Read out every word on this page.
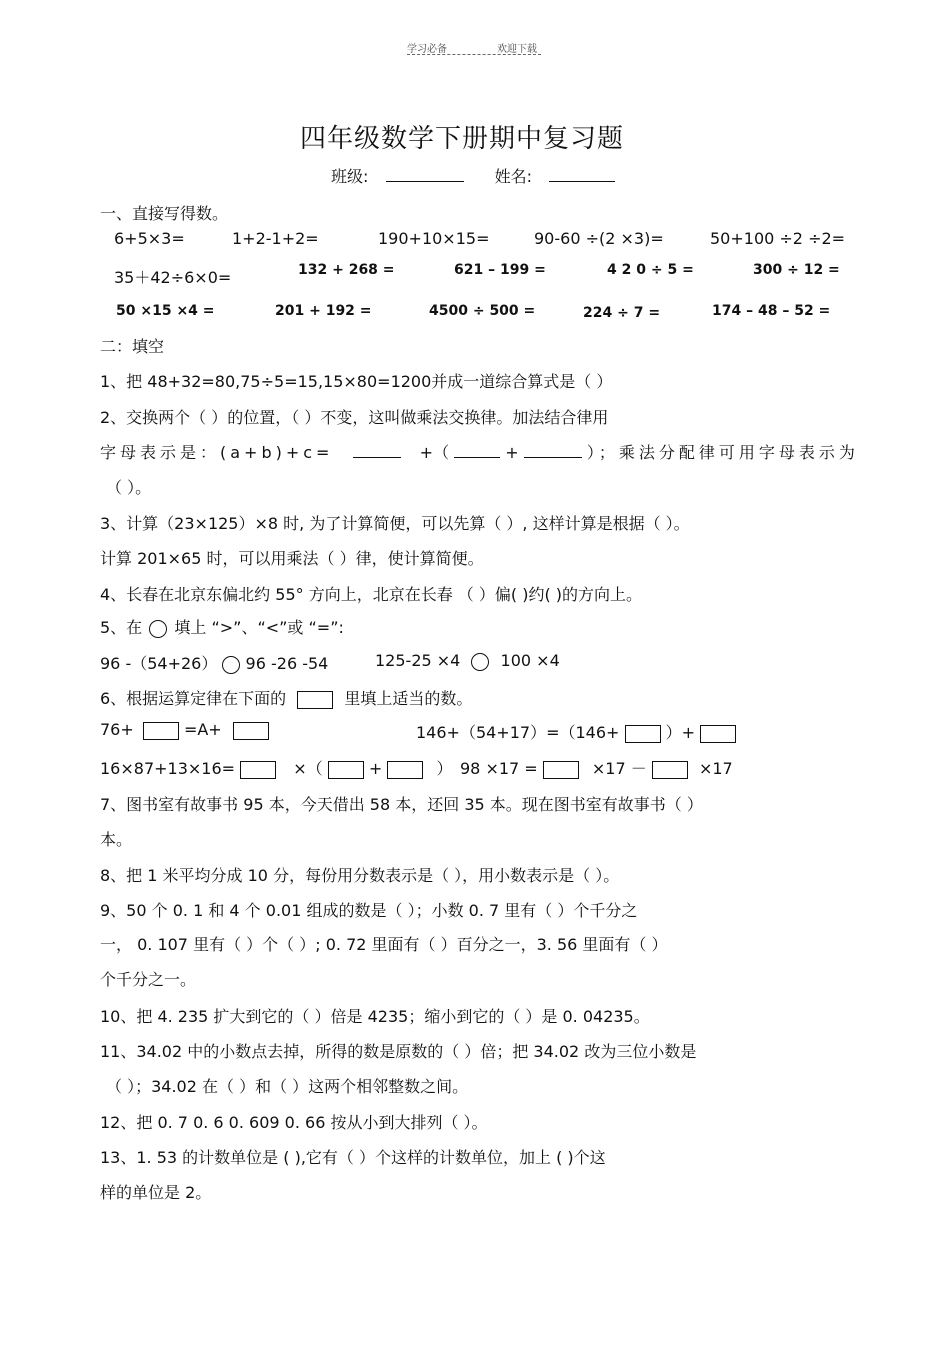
学习必备	欢迎下载
四年级数学下册期中复习题
班级:	姓名:
一、直接写得数。
6+5×3=	1+2-1+2=	190+10×15=	90-60 ÷(2 ×3)=	50+100 ÷2 ÷2=
35＋42÷6×0=	132 + 268 =	621 – 199 =	4 2 0 ÷ 5 =	300 ÷ 12 =
50 ×15 ×4 =	201 + 192 =	4500 ÷ 500 =	224 ÷ 7 =	174 – 48 – 52 =
二：填空
1、把 48+32=80,75÷5=15,15×80=1200并成一道综合算式是（ ）
2、交换两个（ ）的位置，（ ）不变，这叫做乘法交换律。加法结合律用
字母表示是：(a+b)+c=	+（	+	）；乘法分配律可用字母表示为
（ ）。
3、计算（23×125）×8 时, 为了计算简便，可以先算（ ）, 这样计算是根据（ ）。
计算 201×65 时，可以用乘法（ ）律，使计算简便。
4、长春在北京东偏北约 55° 方向上，北京在长春 （ ）偏( )约( )的方向上。
5、在 填上 “>”、“<”或 “=”:
96 -（54+26） 96 -26 -54	125-25 ×4	100 ×4
6、根据运算定律在下面的	里填上适当的数。
76+	=A+	146+（54+17）=（146+	）+
16×87+13×16=	×（	+	） 98 ×17 =	×17 －	×17
7、图书室有故事书 95 本，今天借出 58 本，还回 35 本。现在图书室有故事书（ ）
本。
8、把 1 米平均分成 10 分，每份用分数表示是（ ），用小数表示是（ ）。
9、50 个 0. 1 和 4 个 0.01 组成的数是（ ）；小数 0. 7 里有（ ）个千分之
一， 0. 107 里有（ ）个（ ）; 0. 72 里面有（ ）百分之一，3. 56 里面有（ ）
个千分之一。
10、把 4. 235 扩大到它的（ ）倍是 4235；缩小到它的（ ）是 0. 04235。
11、34.02 中的小数点去掉，所得的数是原数的（ ）倍；把 34.02 改为三位小数是
（ ）；34.02 在（ ）和（ ）这两个相邻整数之间。
12、把 0. 7 0. 6 0. 609 0. 66 按从小到大排列（ ）。
13、1. 53 的计数单位是 ( ),它有（ ）个这样的计数单位，加上 ( )个这
样的单位是 2。
